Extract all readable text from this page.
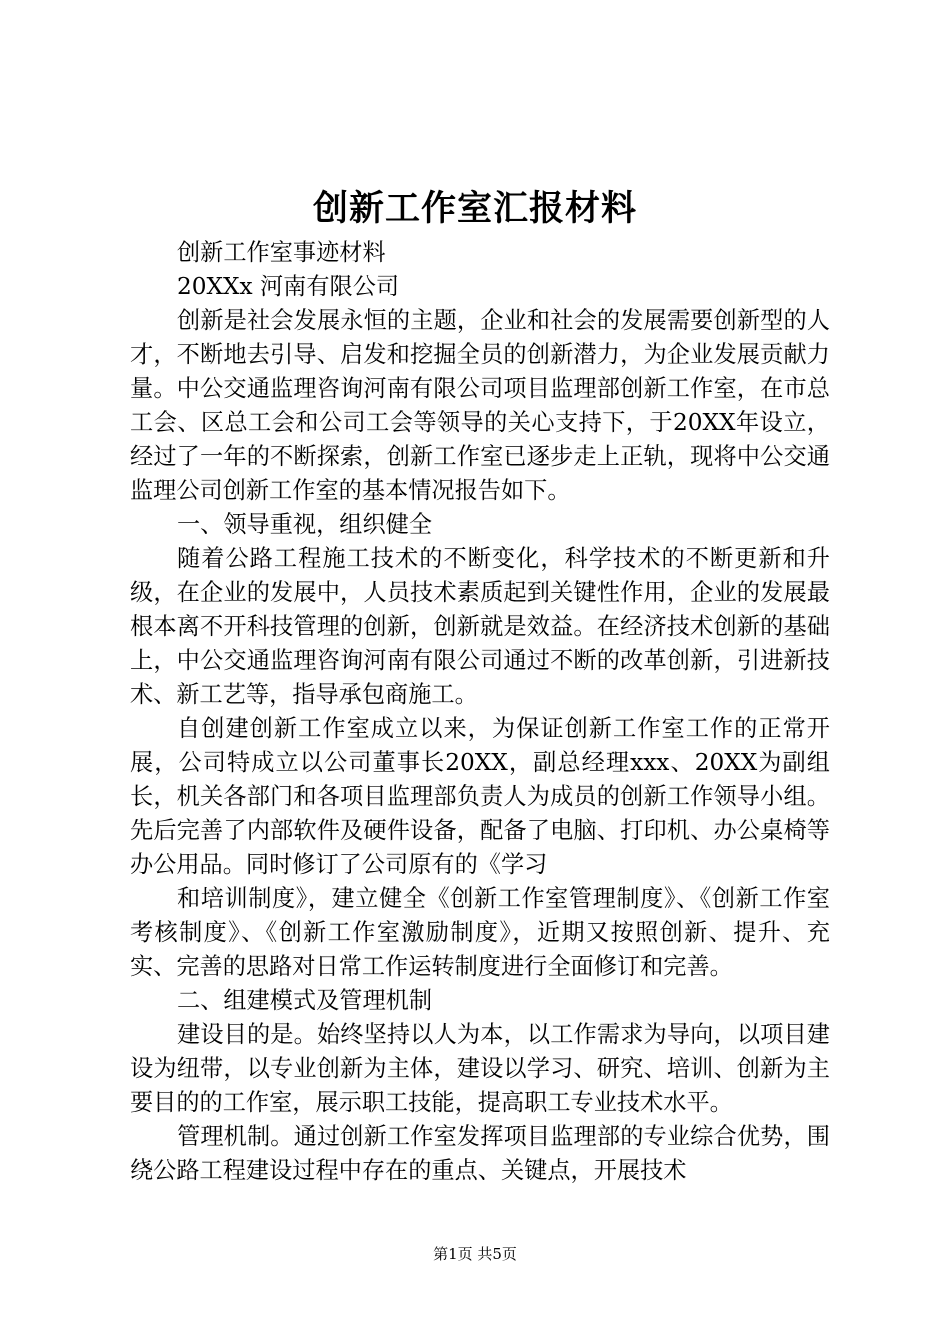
创新工作室汇报材料

创新工作室事迹材料

20XXx 河南有限公司

创新是社会发展永恒的主题，企业和社会的发展需要创新型的人才，不断地去引导、启发和挖掘全员的创新潜力，为企业发展贡献力量。中公交通监理咨询河南有限公司项目监理部创新工作室，在市总工会、区总工会和公司工会等领导的关心支持下，于20XX年设立，经过了一年的不断探索，创新工作室已逐步走上正轨，现将中公交通监理公司创新工作室的基本情况报告如下。

一、领导重视，组织健全

随着公路工程施工技术的不断变化，科学技术的不断更新和升级，在企业的发展中，人员技术素质起到关键性作用，企业的发展最根本离不开科技管理的创新，创新就是效益。在经济技术创新的基础上，中公交通监理咨询河南有限公司通过不断的改革创新，引进新技术、新工艺等，指导承包商施工。

自创建创新工作室成立以来，为保证创新工作室工作的正常开展，公司特成立以公司董事长20XX，副总经理xxx、20XX为副组长，机关各部门和各项目监理部负责人为成员的创新工作领导小组。先后完善了内部软件及硬件设备，配备了电脑、打印机、办公桌椅等办公用品。同时修订了公司原有的《学习

和培训制度》，建立健全《创新工作室管理制度》、《创新工作室考核制度》、《创新工作室激励制度》，近期又按照创新、提升、充实、完善的思路对日常工作运转制度进行全面修订和完善。

二、组建模式及管理机制

建设目的是。始终坚持以人为本，以工作需求为导向，以项目建设为纽带，以专业创新为主体，建设以学习、研究、培训、创新为主要目的的工作室，展示职工技能，提高职工专业技术水平。

管理机制。通过创新工作室发挥项目监理部的专业综合优势，围绕公路工程建设过程中存在的重点、关键点，开展技术

第1页 共5页
